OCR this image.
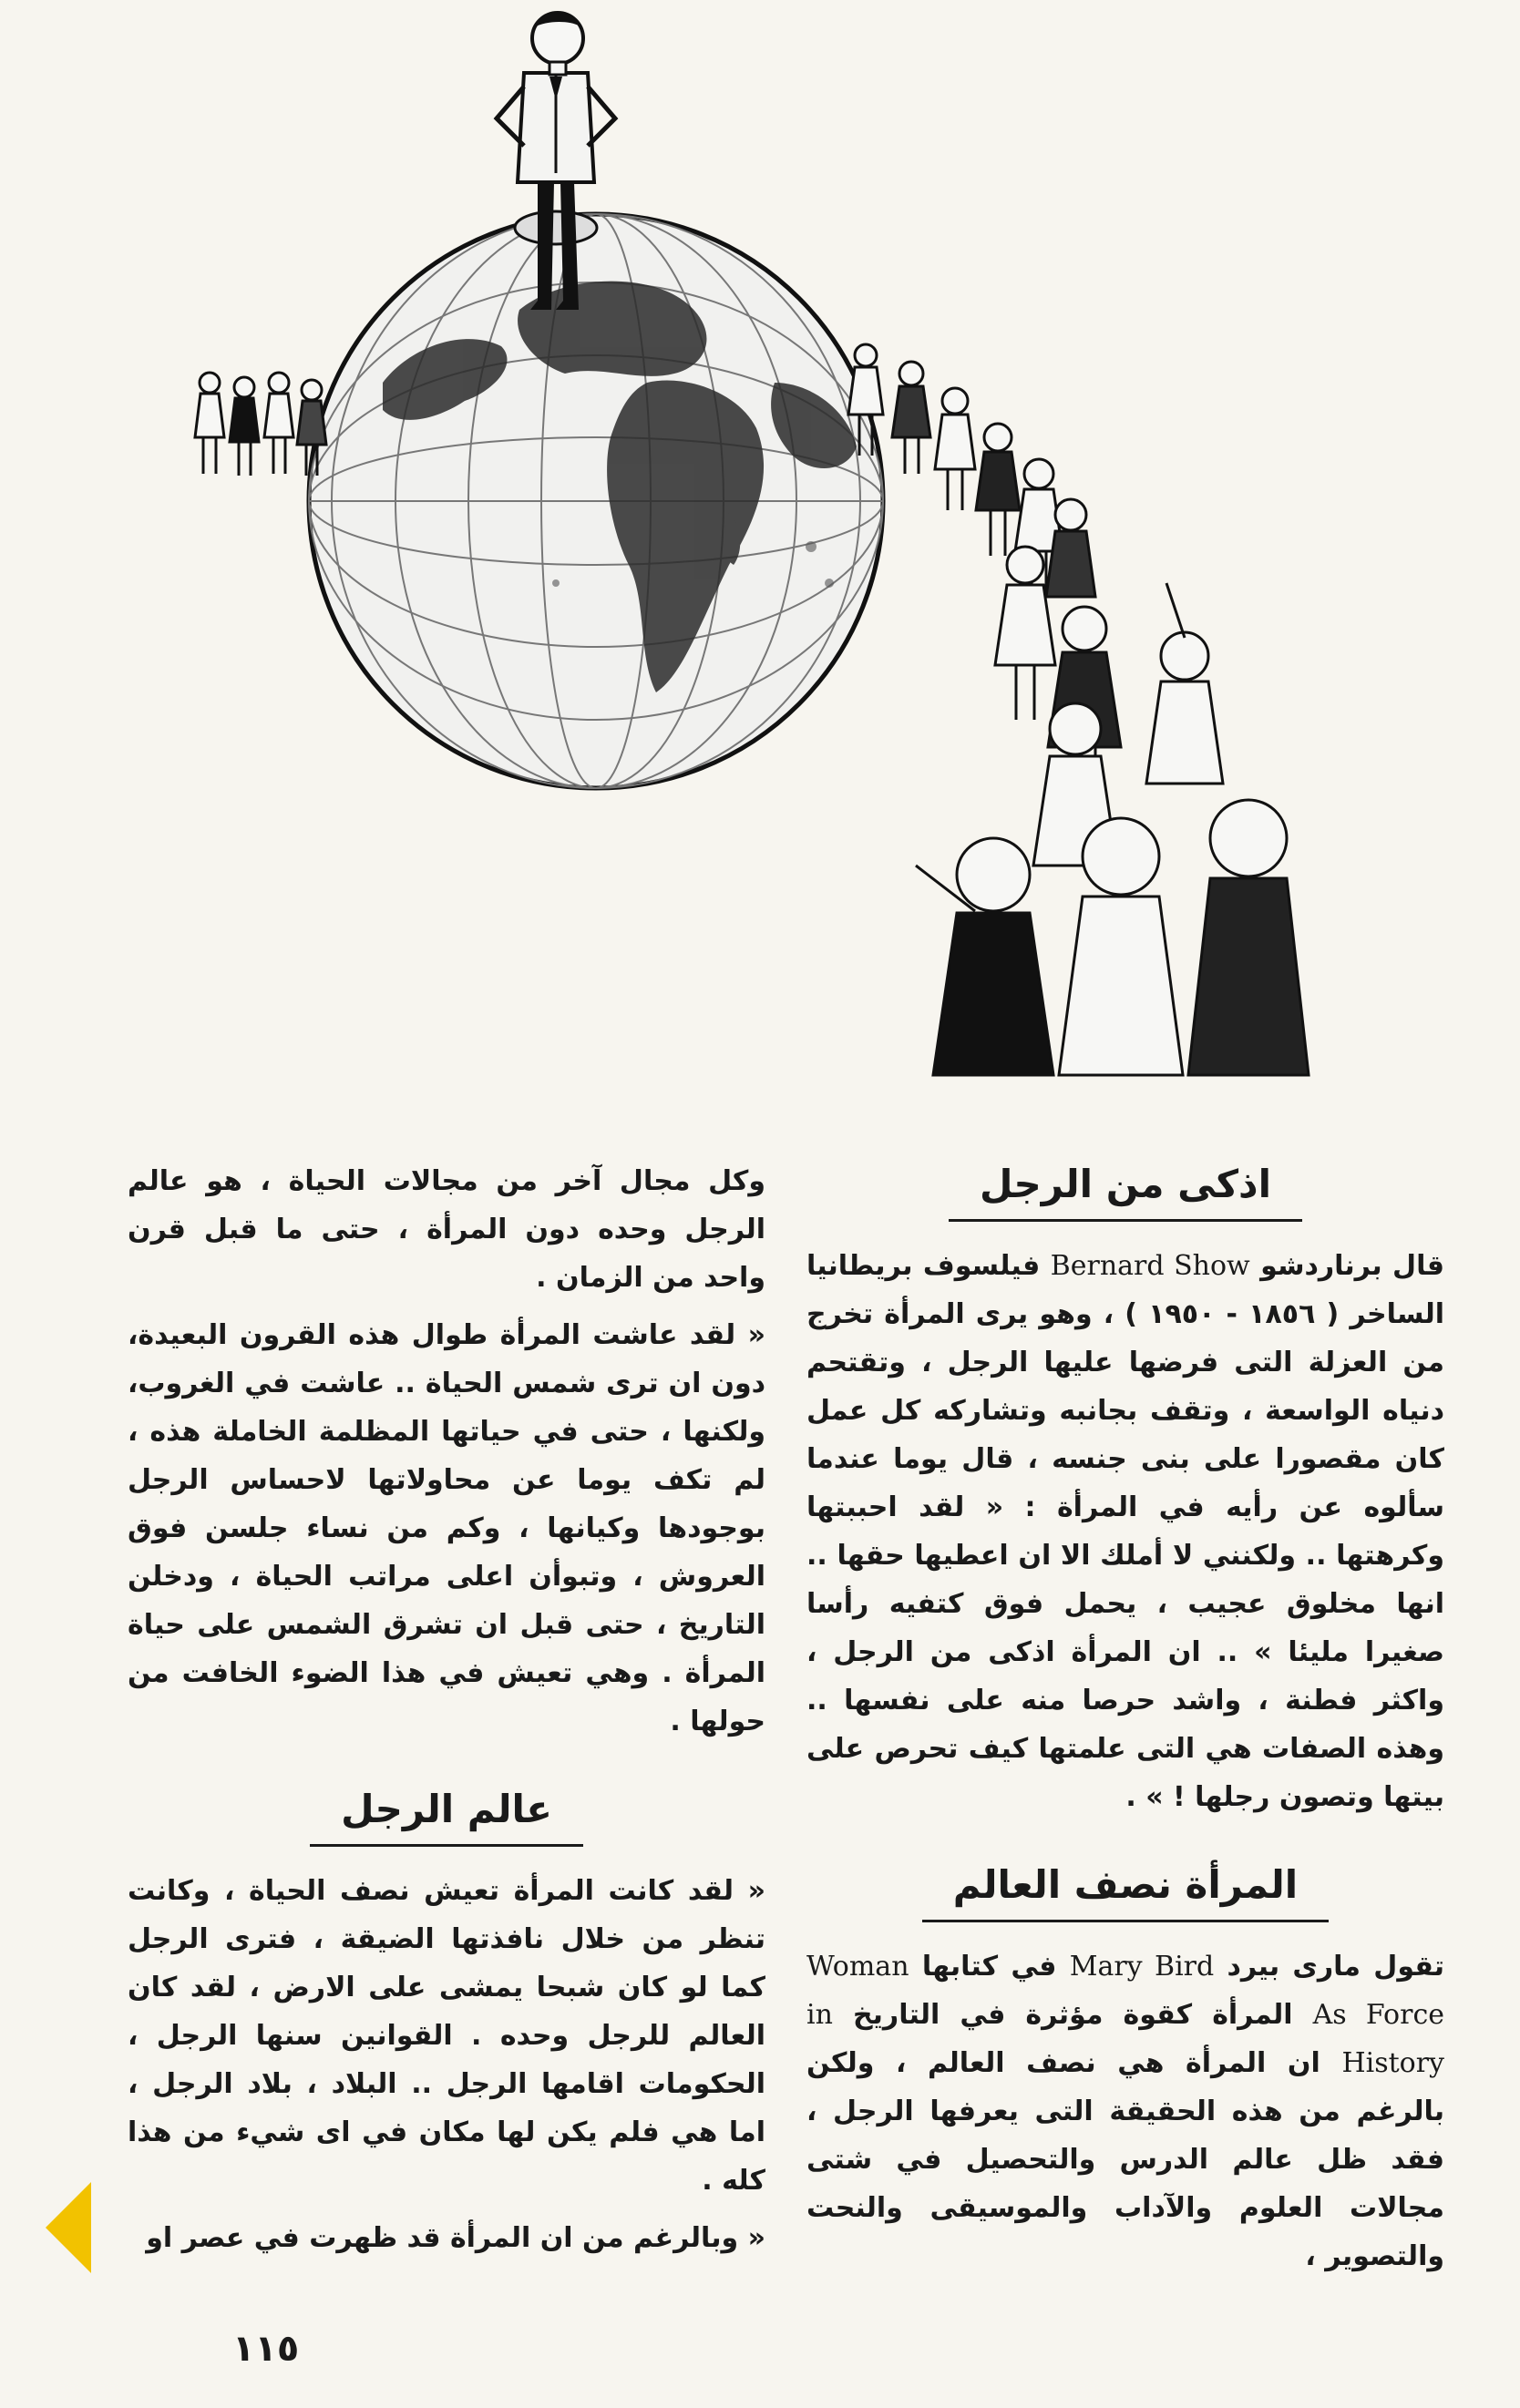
اذكى من الرجل

قال برناردشو Bernard Show فيلسوف بريطانيا الساخر ( ١٨٥٦ - ١٩٥٠ ) ، وهو يرى المرأة تخرج من العزلة التى فرضها عليها الرجل ، وتقتحم دنياه الواسعة ، وتقف بجانبه وتشاركه كل عمل كان مقصورا على بنى جنسه ، قال يوما عندما سألوه عن رأيه في المرأة : « لقد احببتها وكرهتها .. ولكنني لا أملك الا ان اعطيها حقها .. انها مخلوق عجيب ، يحمل فوق كتفيه رأسا صغيرا مليئا » .. ان المرأة اذكى من الرجل ، واكثر فطنة ، واشد حرصا منه على نفسها .. وهذه الصفات هي التى علمتها كيف تحرص على بيتها وتصون رجلها ! » .

المرأة نصف العالم

تقول مارى بيرد Mary Bird في كتابها Woman As Force المرأة كقوة مؤثرة في التاريخ in History ان المرأة هي نصف العالم ، ولكن بالرغم من هذه الحقيقة التى يعرفها الرجل ، فقد ظل عالم الدرس والتحصيل في شتى مجالات العلوم والآداب والموسيقى والنحت والتصوير ،

وكل مجال آخر من مجالات الحياة ، هو عالم الرجل وحده دون المرأة ، حتى ما قبل قرن واحد من الزمان .

« لقد عاشت المرأة طوال هذه القرون البعيدة، دون ان ترى شمس الحياة .. عاشت في الغروب، ولكنها ، حتى في حياتها المظلمة الخاملة هذه ، لم تكف يوما عن محاولاتها لاحساس الرجل بوجودها وكيانها ، وكم من نساء جلسن فوق العروش ، وتبوأن اعلى مراتب الحياة ، ودخلن التاريخ ، حتى قبل ان تشرق الشمس على حياة المرأة . وهي تعيش في هذا الضوء الخافت من حولها .

عالم الرجل

« لقد كانت المرأة تعيش نصف الحياة ، وكانت تنظر من خلال نافذتها الضيقة ، فترى الرجل كما لو كان شبحا يمشى على الارض ، لقد كان العالم للرجل وحده . القوانين سنها الرجل ، الحكومات اقامها الرجل .. البلاد ، بلاد الرجل ، اما هي فلم يكن لها مكان في اى شيء من هذا كله .

« وبالرغم من ان المرأة قد ظهرت في عصر او

١١٥
